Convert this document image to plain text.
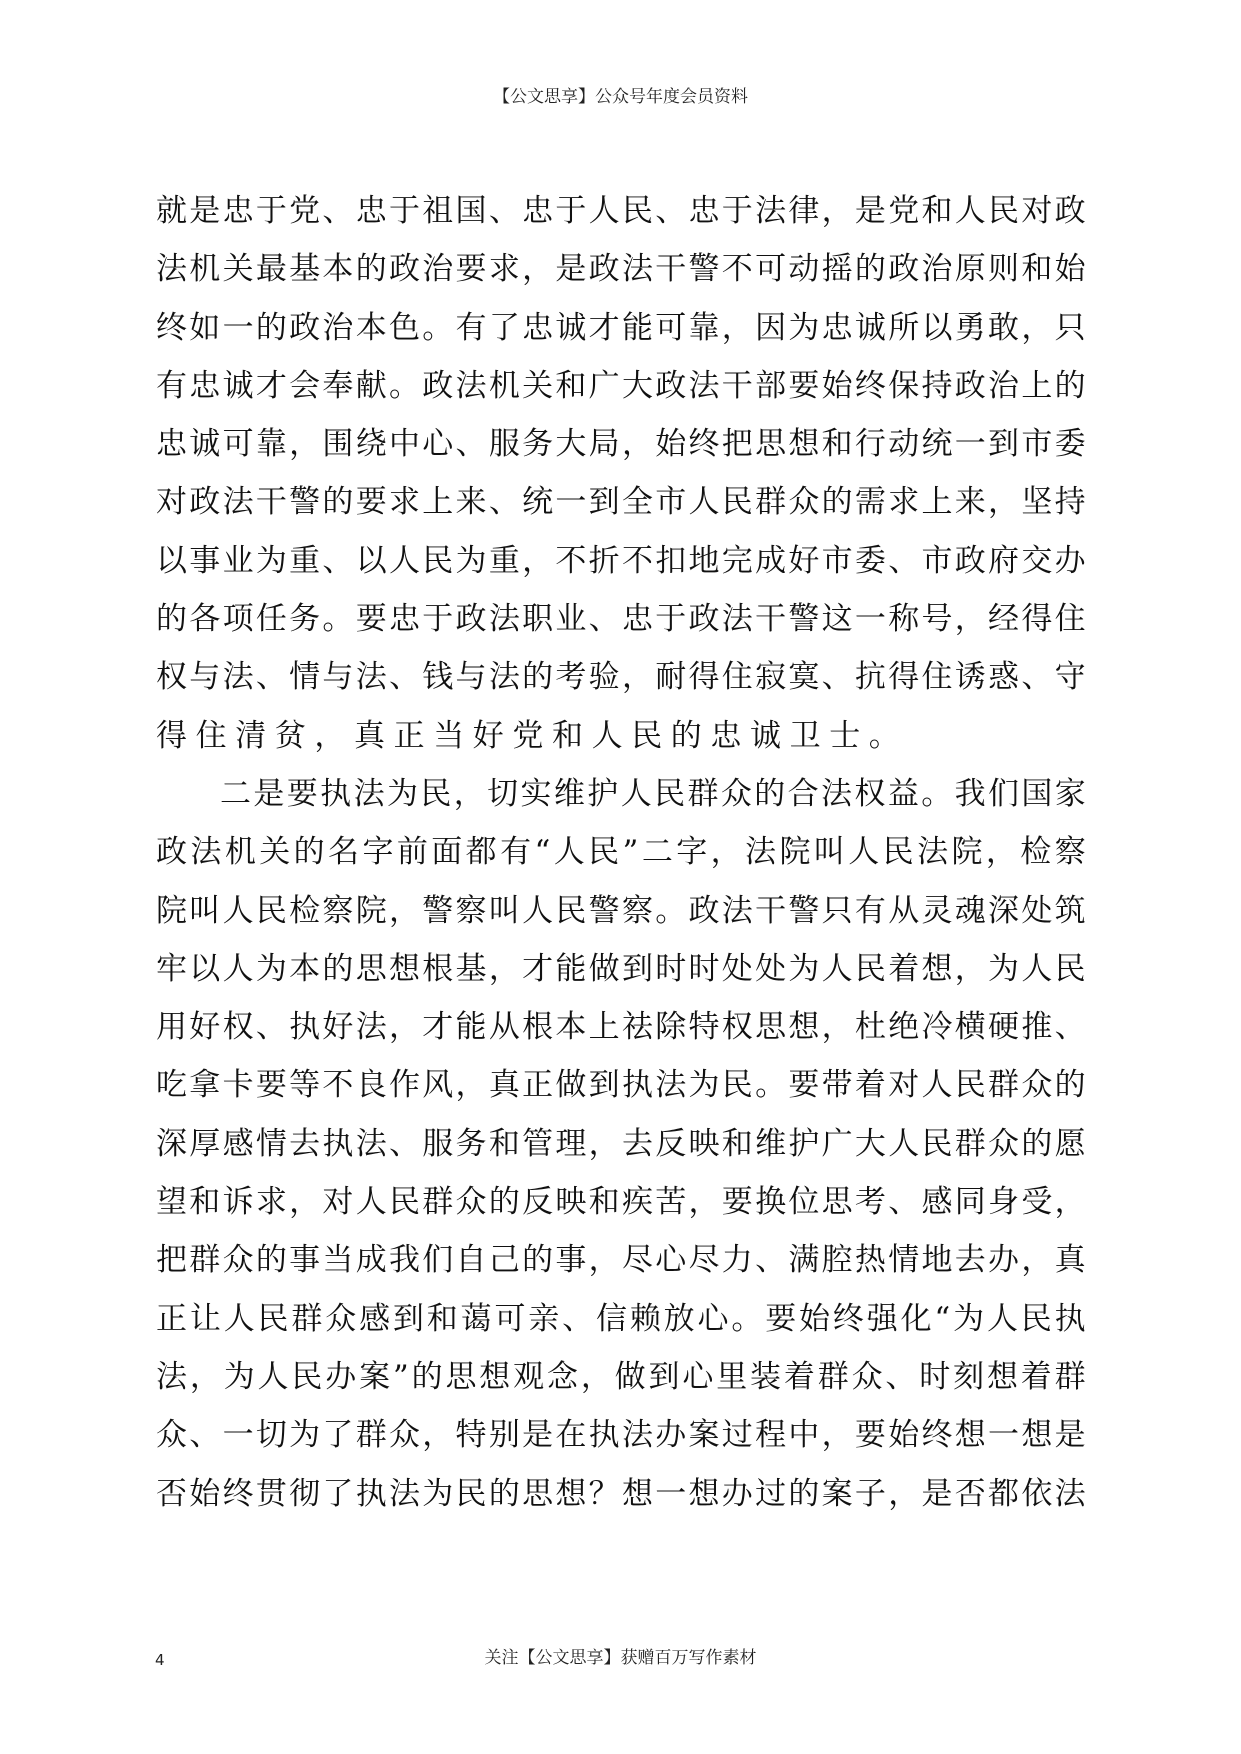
【公文思享】公众号年度会员资料
就 是 忠 于 党 、 忠 于 祖 国 、 忠 于 人 民 、 忠 于 法 律 ， 是 党 和 人 民 对 政
法 机 关 最 基 本 的 政 治 要 求 ， 是 政 法 干 警 不 可 动 摇 的 政 治 原 则 和 始
终 如 一 的 政 治 本 色 。 有 了 忠 诚 才 能 可 靠 ， 因 为 忠 诚 所 以 勇 敢 ， 只
有 忠 诚 才 会 奉 献 。 政 法 机 关 和 广 大 政 法 干 部 要 始 终 保 持 政 治 上 的
忠 诚 可 靠 ， 围 绕 中 心 、 服 务 大 局 ， 始 终 把 思 想 和 行 动 统 一 到 市 委
对 政 法 干 警 的 要 求 上 来 、 统 一 到 全 市 人 民 群 众 的 需 求 上 来 ， 坚 持
以 事 业 为 重 、 以 人 民 为 重 ， 不 折 不 扣 地 完 成 好 市 委 、 市 政 府 交 办
的 各 项 任 务 。 要 忠 于 政 法 职 业 、 忠 于 政 法 干 警 这 一 称 号 ， 经 得 住
权 与 法 、 情 与 法 、 钱 与 法 的 考 验 ， 耐 得 住 寂 寞 、 抗 得 住 诱 惑 、 守
得住清贫，真正当好党和人民的忠诚卫士。
二 是 要 执 法 为 民 ， 切 实 维 护 人 民 群 众 的 合 法 权 益 。 我 们 国 家
政 法 机 关 的 名 字 前 面 都 有 “ 人 民 ” 二 字 ， 法 院 叫 人 民 法 院 ， 检 察
院 叫 人 民 检 察 院 ， 警 察 叫 人 民 警 察 。 政 法 干 警 只 有 从 灵 魂 深 处 筑
牢 以 人 为 本 的 思 想 根 基 ， 才 能 做 到 时 时 处 处 为 人 民 着 想 ， 为 人 民
用 好 权 、 执 好 法 ， 才 能 从 根 本 上 祛 除 特 权 思 想 ， 杜 绝 冷 横 硬 推 、
吃 拿 卡 要 等 不 良 作 风 ， 真 正 做 到 执 法 为 民 。 要 带 着 对 人 民 群 众 的
深 厚 感 情 去 执 法 、 服 务 和 管 理 ， 去 反 映 和 维 护 广 大 人 民 群 众 的 愿
望 和 诉 求 ， 对 人 民 群 众 的 反 映 和 疾 苦 ， 要 换 位 思 考 、 感 同 身 受 ，
把 群 众 的 事 当 成 我 们 自 己 的 事 ， 尽 心 尽 力 、 满 腔 热 情 地 去 办 ， 真
正 让 人 民 群 众 感 到 和 蔼 可 亲 、 信 赖 放 心 。 要 始 终 强 化 “ 为 人 民 执
法 ， 为 人 民 办 案 ” 的 思 想 观 念 ， 做 到 心 里 装 着 群 众 、 时 刻 想 着 群
众 、 一 切 为 了 群 众 ， 特 别 是 在 执 法 办 案 过 程 中 ， 要 始 终 想 一 想 是
否 始 终 贯 彻 了 执 法 为 民 的 思 想 ？ 想 一 想 办 过 的 案 子 ， 是 否 都 依 法
4	关注【公文思享】获赠百万写作素材
